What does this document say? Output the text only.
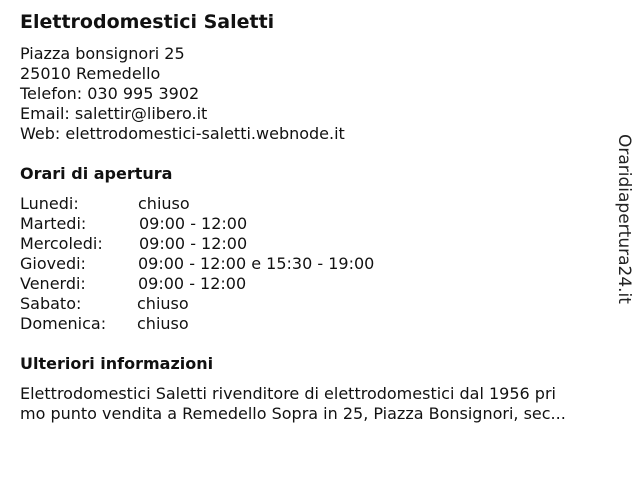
Elettrodomestici Saletti
Piazza bonsignori 25
25010 Remedello
Telefon: 030 995 3902
Email: salettir@libero.it
Web: elettrodomestici-saletti.webnode.it
Orari di apertura
Lunedi:	chiuso
Martedi:	09:00 - 12:00
Mercoledi: 09:00 - 12:00
Giovedi:	09:00 - 12:00 e 15:30 - 19:00
Venerdi:	09:00 - 12:00
Sabato:	chiuso
Domenica: chiuso
Ulteriori informazioni
Elettrodomestici Saletti rivenditore di elettrodomestici dal 1956 pri
mo punto vendita a Remedello Sopra in 25, Piazza Bonsignori, sec...
Oraridiapertura24.it
